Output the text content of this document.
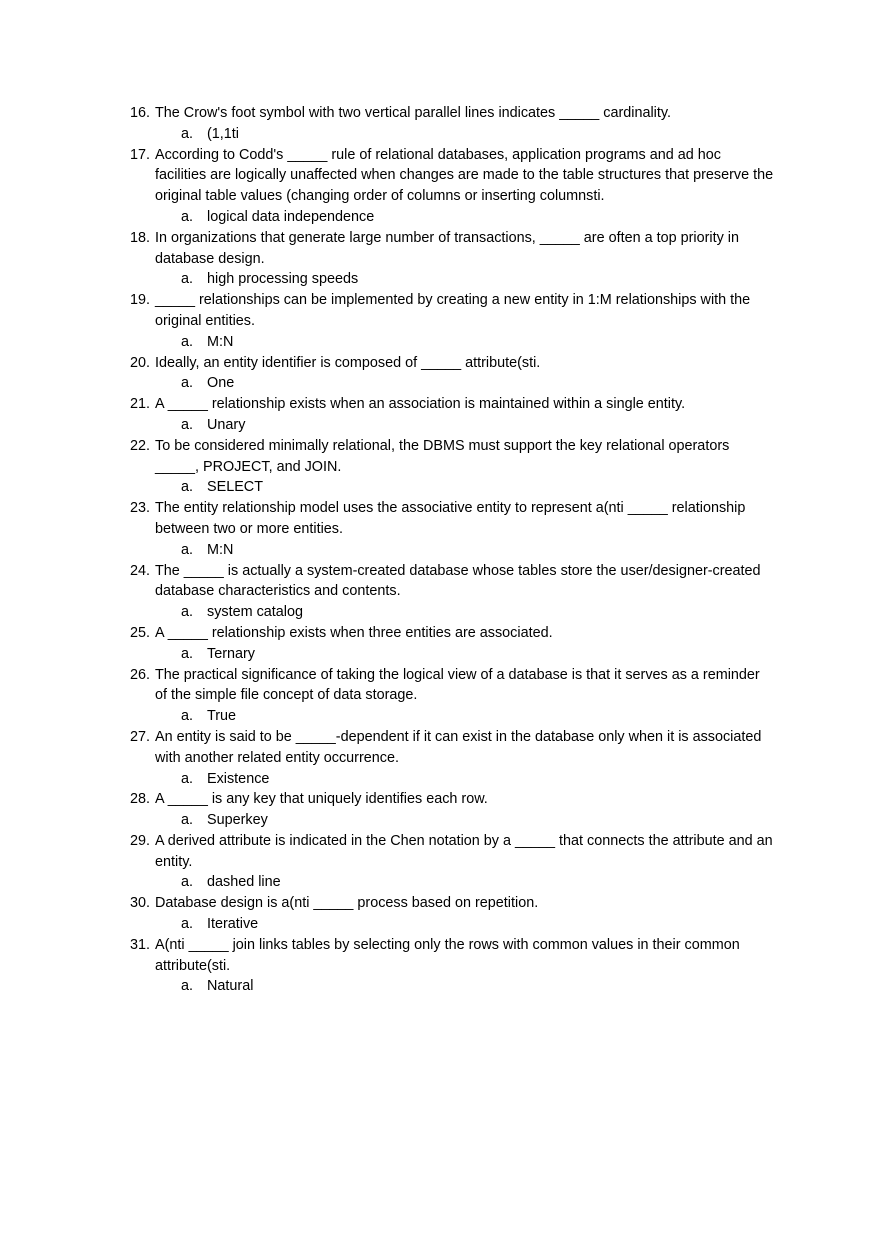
16. The Crow's foot symbol with two vertical parallel lines indicates _____ cardinality.
a. (1,1ti
17. According to Codd's _____ rule of relational databases, application programs and ad hoc facilities are logically unaffected when changes are made to the table structures that preserve the original table values (changing order of columns or inserting columnsti.
a. logical data independence
18. In organizations that generate large number of transactions, _____ are often a top priority in database design.
a. high processing speeds
19. _____ relationships can be implemented by creating a new entity in 1:M relationships with the original entities.
a. M:N
20. Ideally, an entity identifier is composed of _____ attribute(sti.
a. One
21. A _____ relationship exists when an association is maintained within a single entity.
a. Unary
22. To be considered minimally relational, the DBMS must support the key relational operators _____, PROJECT, and JOIN.
a. SELECT
23. The entity relationship model uses the associative entity to represent a(nti _____ relationship between two or more entities.
a. M:N
24. The _____ is actually a system-created database whose tables store the user/designer-created database characteristics and contents.
a. system catalog
25. A _____ relationship exists when three entities are associated.
a. Ternary
26. The practical significance of taking the logical view of a database is that it serves as a reminder of the simple file concept of data storage.
a. True
27. An entity is said to be _____-dependent if it can exist in the database only when it is associated with another related entity occurrence.
a. Existence
28. A _____ is any key that uniquely identifies each row.
a. Superkey
29. A derived attribute is indicated in the Chen notation by a _____ that connects the attribute and an entity.
a. dashed line
30. Database design is a(nti _____ process based on repetition.
a. Iterative
31. A(nti _____ join links tables by selecting only the rows with common values in their common attribute(sti.
a. Natural
